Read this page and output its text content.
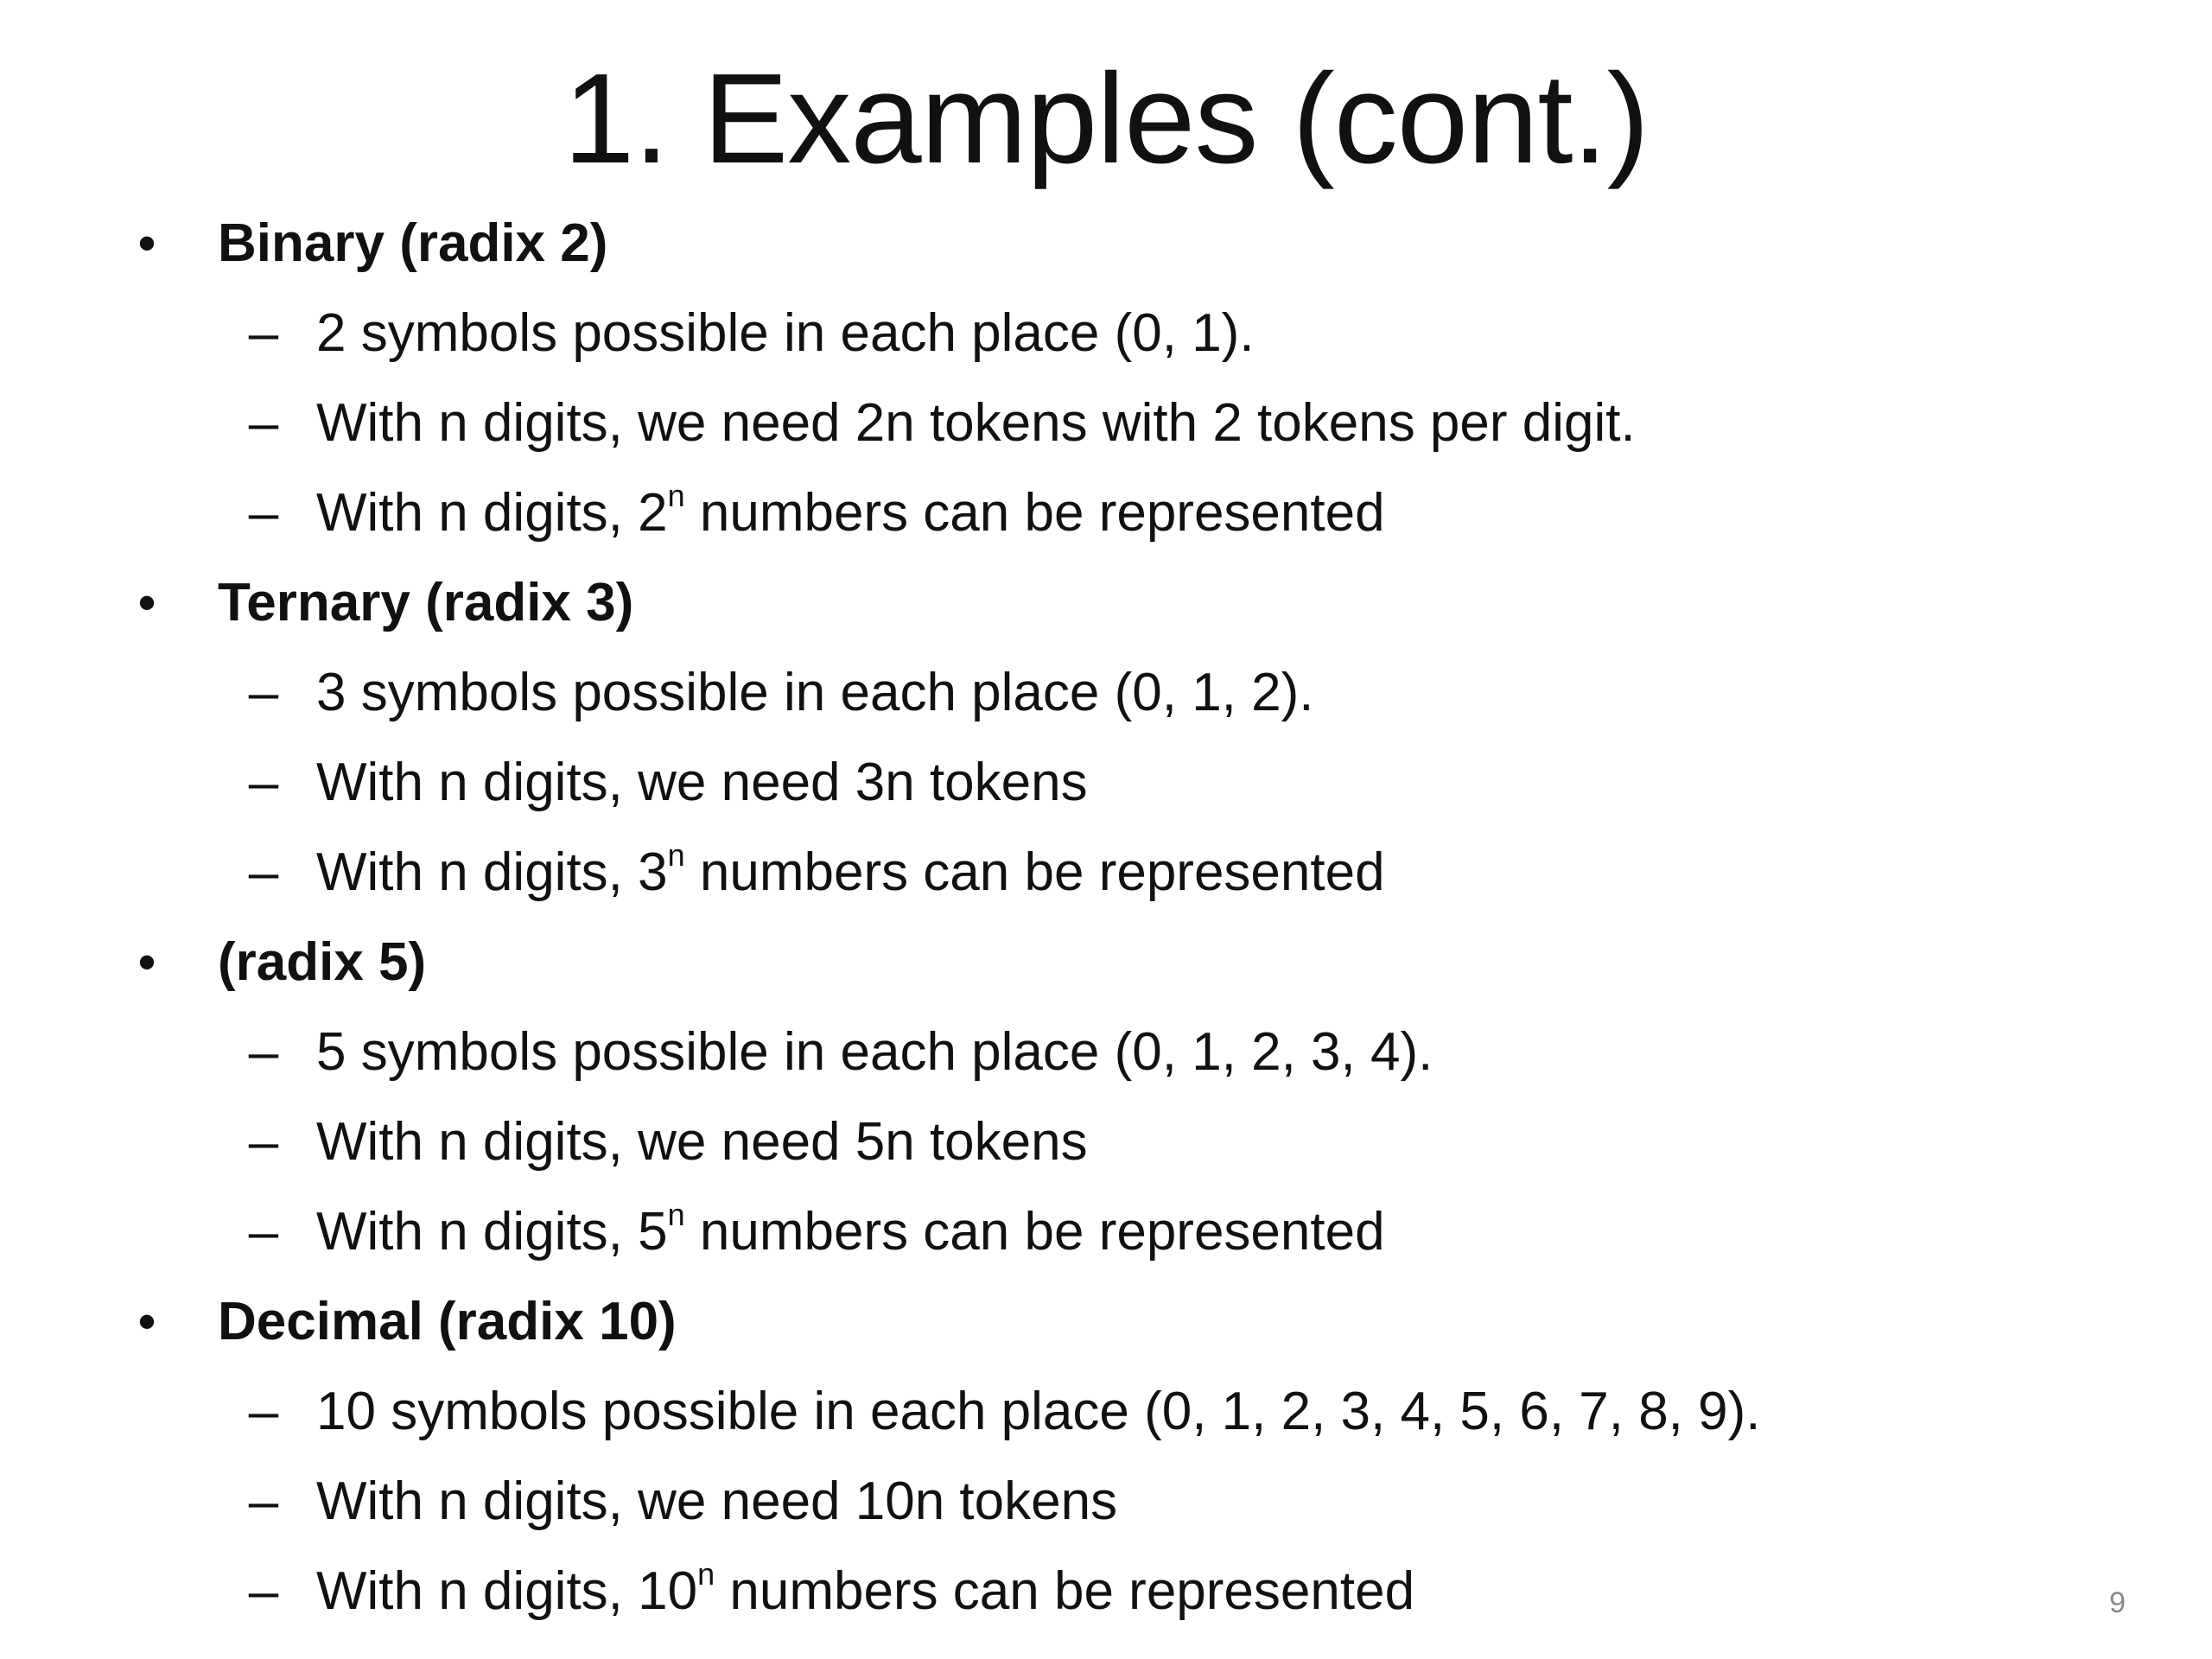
1. Examples (cont.)
• Binary (radix 2)
– 2 symbols possible in each place (0, 1).
– With n digits, we need 2n tokens with 2 tokens per digit.
– With n digits, 2$^n$ numbers can be represented
• Ternary (radix 3)
– 3 symbols possible in each place (0, 1, 2).
– With n digits, we need 3n tokens
– With n digits, 3$^n$ numbers can be represented
• (radix 5)
– 5 symbols possible in each place (0, 1, 2, 3, 4).
– With n digits, we need 5n tokens
– With n digits, 5$^n$ numbers can be represented
• Decimal (radix 10)
– 10 symbols possible in each place (0, 1, 2, 3, 4, 5, 6, 7, 8, 9).
– With n digits, we need 10n tokens
– With n digits, 10$^n$ numbers can be represented	9
